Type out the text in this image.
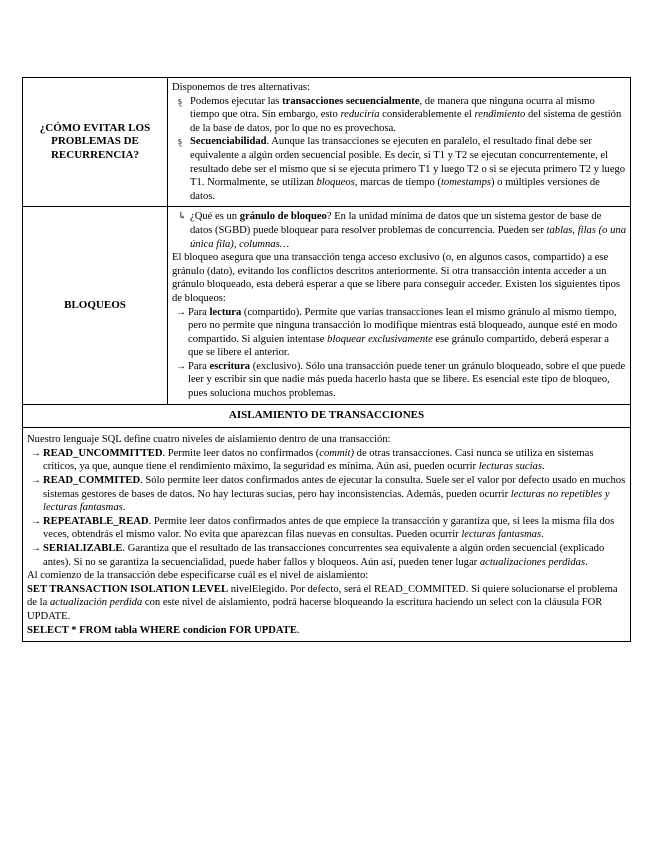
¿CÓMO EVITAR LOS PROBLEMAS DE RECURRENCIA?

Disponemos de tres alternativas:

ȿ Podemos ejecutar las transacciones secuencialmente, de manera que ninguna ocurra al mismo tiempo que otra. Sin embargo, esto reduciría considerablemente el rendimiento del sistema de gestión de la base de datos, por lo que no es provechosa.
ȿ Secuenciabilidad. Aunque las transacciones se ejecuten en paralelo, el resultado final debe ser equivalente a algún orden secuencial posible. Es decir, si T1 y T2 se ejecutan concurrentemente, el resultado debe ser el mismo que si se ejecuta primero T1 y luego T2 o si se ejecuta primero T2 y luego T1. Normalmente, se utilizan bloqueos, marcas de tiempo (tomestamps) o múltiples versiones de datos.
BLOQUEOS
↳ ¿Qué es un gránulo de bloqueo? En la unidad mínima de datos que un sistema gestor de base de datos (SGBD) puede bloquear para resolver problemas de concurrencia. Pueden ser tablas, filas (o una única fila), columnas…

El bloqueo asegura que una transacción tenga acceso exclusivo (o, en algunos casos, compartido) a ese gránulo (dato), evitando los conflictos descritos anteriormente. Si otra transacción intenta acceder a un gránulo bloqueado, esta deberá esperar a que se libere para conseguir acceder. Existen los siguientes tipos de bloqueos:

→ Para lectura (compartido). Permite que varias transacciones lean el mismo gránulo al mismo tiempo, pero no permite que ninguna transacción lo modifique mientras está bloqueado, aunque esté en modo compartido. Si alguien intentase bloquear exclusivamente ese gránulo compartido, deberá esperar a que se libere el anterior.
→ Para escritura (exclusivo). Sólo una transacción puede tener un gránulo bloqueado, sobre el que puede leer y escribir sin que nadie más pueda hacerlo hasta que se libere. Es esencial este tipo de bloqueo, pues soluciona muchos problemas.
AISLAMIENTO DE TRANSACCIONES

Nuestro lenguaje SQL define cuatro niveles de aislamiento dentro de una transacción:

→ READ_UNCOMMITTED. Permite leer datos no confirmados (commit) de otras transacciones. Casi nunca se utiliza en sistemas críticos, ya que, aunque tiene el rendimiento máximo, la seguridad es mínima. Aún así, pueden ocurrir lecturas sucias.
→ READ_COMMITED. Sólo permite leer datos confirmados antes de ejecutar la consulta. Suele ser el valor por defecto usado en muchos sistemas gestores de bases de datos. No hay lecturas sucias, pero hay inconsistencias. Además, pueden ocurrir lecturas no repetibles y lecturas fantasmas.
→ REPEATABLE_READ. Permite leer datos confirmados antes de que empiece la transacción y garantiza que, si lees la misma fila dos veces, obtendrás el mismo valor. No evita que aparezcan filas nuevas en consultas. Pueden ocurrir lecturas fantasmas.
→ SERIALIZABLE. Garantiza que el resultado de las transacciones concurrentes sea equivalente a algún orden secuencial (explicado antes). Si no se garantiza la secuencialidad, puede haber fallos y bloqueos. Aún así, pueden tener lugar actualizaciones perdidas.

Al comienzo de la transacción debe especificarse cuál es el nivel de aislamiento:

SET TRANSACTION ISOLATION LEVEL nivelElegido. Por defecto, será el READ_COMMITED. Si quiere solucionarse el problema de la actualización perdida con este nivel de aislamiento, podrá hacerse bloqueando la escritura haciendo un select con la cláusula FOR UPDATE.

SELECT * FROM tabla WHERE condicion FOR UPDATE.
